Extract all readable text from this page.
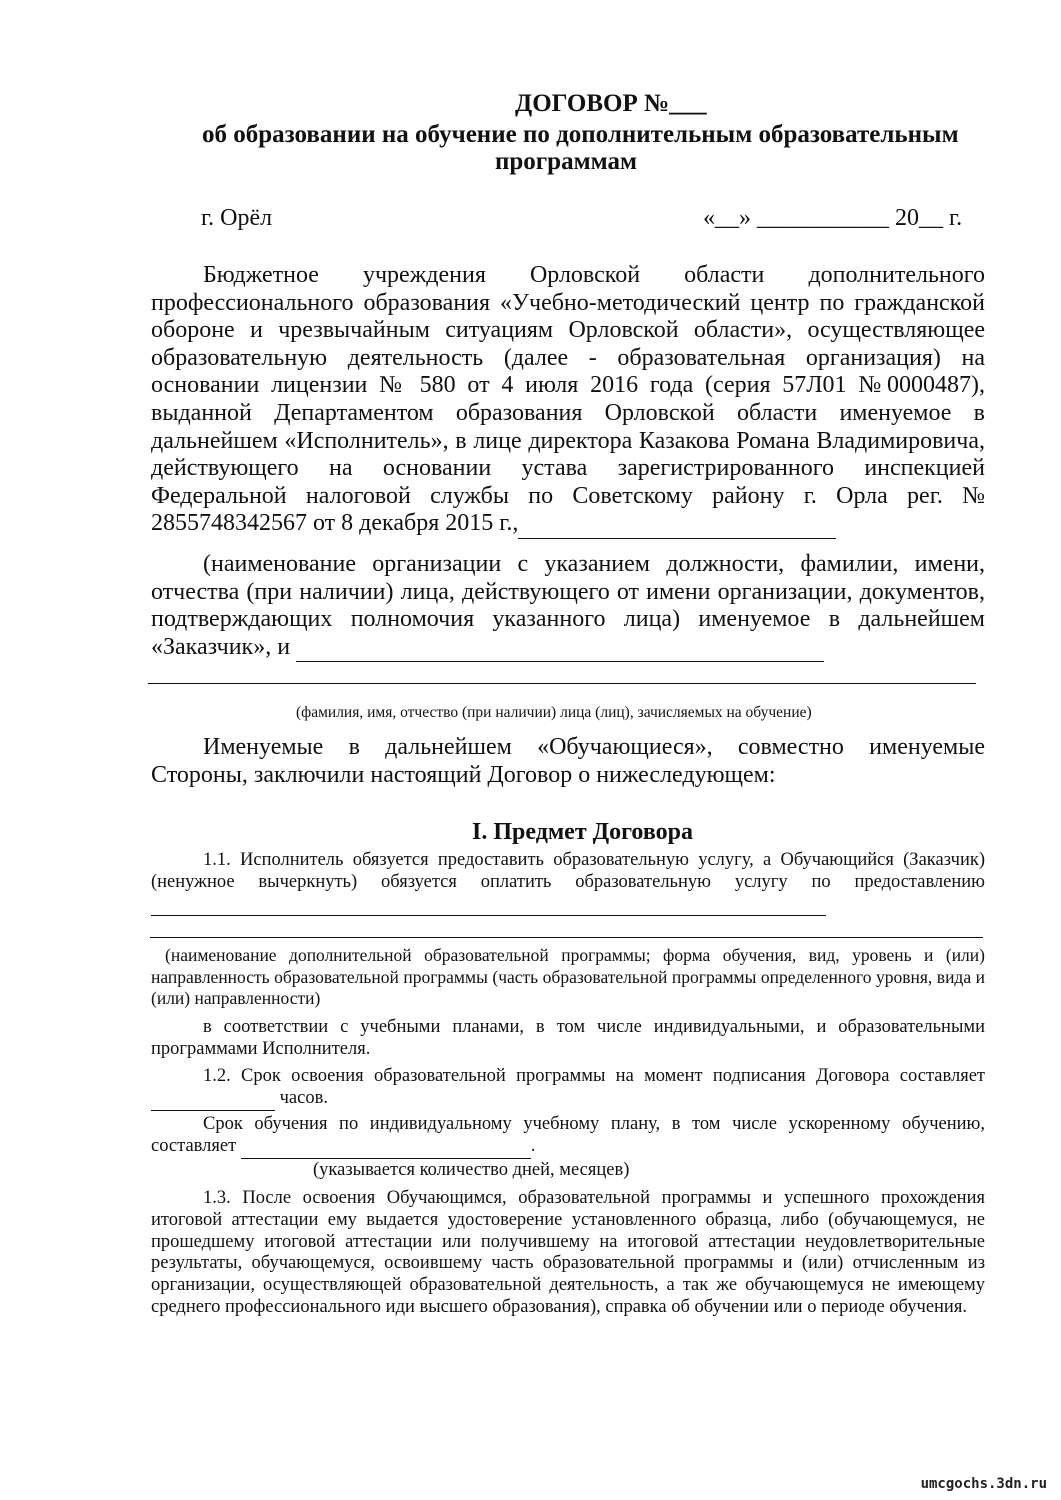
ДОГОВОР №___
об образовании на обучение по дополнительным образовательным
программам
г. Орёл	«__» ___________ 20__ г.
Бюджетное учреждения Орловской области дополнительного профессионального образования «Учебно-методический центр по гражданской обороне и чрезвычайным ситуациям Орловской области», осуществляющее образовательную деятельность (далее - образовательная организация) на основании лицензии № 580 от 4 июля 2016 года (серия 57Л01 №0000487), выданной Департаментом образования Орловской области именуемое в дальнейшем «Исполнитель», в лице директора Казакова Романа Владимировича, действующего на основании устава зарегистрированного инспекцией Федеральной налоговой службы по Советскому району г. Орла рег. № 2855748342567 от 8 декабря 2015 г.,
(наименование организации с указанием должности, фамилии, имени, отчества (при наличии) лица, действующего от имени организации, документов, подтверждающих полномочия указанного лица) именуемое в дальнейшем «Заказчик», и
(фамилия, имя, отчество (при наличии) лица (лиц), зачисляемых на обучение)
Именуемые в дальнейшем «Обучающиеся», совместно именуемые Стороны, заключили настоящий Договор о нижеследующем:
I. Предмет Договора
1.1. Исполнитель обязуется предоставить образовательную услугу, а Обучающийся (Заказчик) (ненужное вычеркнуть) обязуется оплатить образовательную услугу по предоставлению
(наименование дополнительной образовательной программы; форма обучения, вид, уровень и (или) направленность образовательной программы (часть образовательной программы определенного уровня, вида и (или) направленности)
в соответствии с учебными планами, в том числе индивидуальными, и образовательными программами Исполнителя.
1.2. Срок освоения образовательной программы на момент подписания Договора составляет   часов.
Срок обучения по индивидуальному учебному плану, в том числе ускоренному обучению, составляет	.
(указывается количество дней, месяцев)
1.3. После освоения Обучающимся, образовательной программы и успешного прохождения итоговой аттестации ему выдается удостоверение установленного образца, либо (обучающемуся, не прошедшему итоговой аттестации или получившему на итоговой аттестации неудовлетворительные результаты, обучающемуся, освоившему часть образовательной программы и (или) отчисленным из организации, осуществляющей образовательной деятельность, а так же обучающемуся не имеющему среднего профессионального иди высшего образования), справка об обучении или о периоде обучения.
umcgochs.3dn.ru
